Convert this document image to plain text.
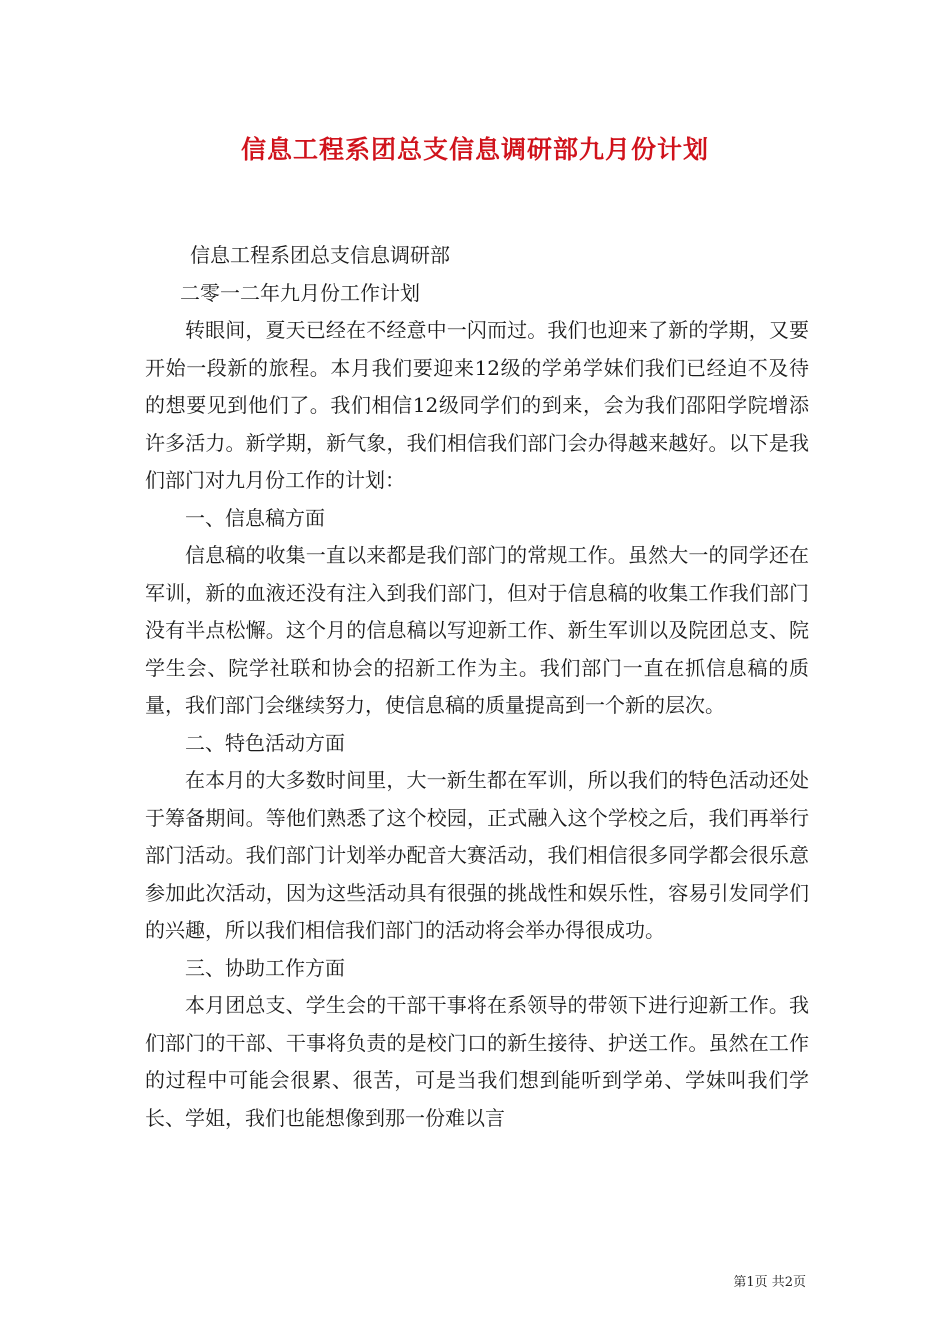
信息工程系团总支信息调研部九月份计划

信息工程系团总支信息调研部

二零一二年九月份工作计划

转眼间，夏天已经在不经意中一闪而过。我们也迎来了新的学期，又要开始一段新的旅程。本月我们要迎来12级的学弟学妹们我们已经迫不及待的想要见到他们了。我们相信12级同学们的到来，会为我们邵阳学院增添许多活力。新学期，新气象，我们相信我们部门会办得越来越好。以下是我们部门对九月份工作的计划：

一、信息稿方面

信息稿的收集一直以来都是我们部门的常规工作。虽然大一的同学还在军训，新的血液还没有注入到我们部门，但对于信息稿的收集工作我们部门没有半点松懈。这个月的信息稿以写迎新工作、新生军训以及院团总支、院学生会、院学社联和协会的招新工作为主。我们部门一直在抓信息稿的质量，我们部门会继续努力，使信息稿的质量提高到一个新的层次。

二、特色活动方面

在本月的大多数时间里，大一新生都在军训，所以我们的特色活动还处于筹备期间。等他们熟悉了这个校园，正式融入这个学校之后，我们再举行部门活动。我们部门计划举办配音大赛活动，我们相信很多同学都会很乐意参加此次活动，因为这些活动具有很强的挑战性和娱乐性，容易引发同学们的兴趣，所以我们相信我们部门的活动将会举办得很成功。

三、协助工作方面

本月团总支、学生会的干部干事将在系领导的带领下进行迎新工作。我们部门的干部、干事将负责的是校门口的新生接待、护送工作。虽然在工作的过程中可能会很累、很苦，可是当我们想到能听到学弟、学妹叫我们学长、学姐，我们也能想像到那一份难以言

第1页 共2页
